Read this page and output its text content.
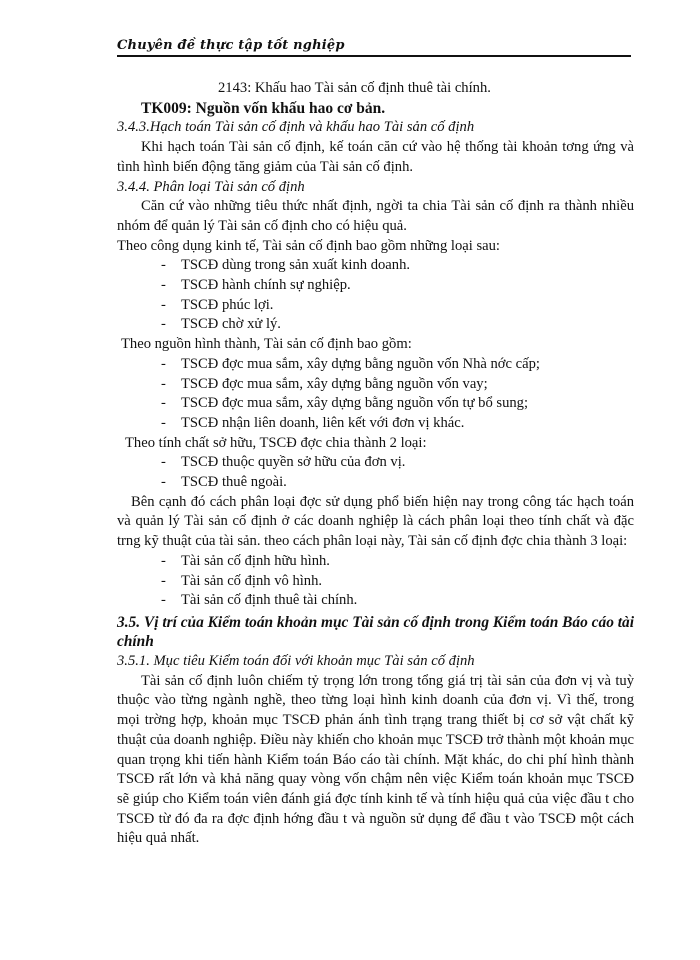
Chuyên đề thực tập tốt nghiệp

2143: Khấu hao Tài sản cố định thuê tài chính.

TK009: Nguồn vốn khấu hao cơ bản.

3.4.3.Hạch toán Tài sản cố định và khấu hao Tài sản cố định

Khi hạch toán Tài sản cố định, kế toán căn cứ vào hệ thống tài khoản tơng ứng và tình hình biến động tăng giảm của Tài sản cố định.

3.4.4. Phân loại Tài sản cố định

Căn cứ vào những tiêu thức nhất định, ngời ta chia Tài sản cố định ra thành nhiều nhóm để quản lý Tài sản cố định cho có hiệu quả.

Theo công dụng kinh tế, Tài sản cố định bao gồm những loại sau:

- TSCĐ dùng trong sản xuất kinh doanh.
- TSCĐ hành chính sự nghiệp.
- TSCĐ phúc lợi.
- TSCĐ chờ xử lý.

Theo nguồn hình thành, Tài sản cố định bao gồm:

- TSCĐ đợc mua sắm, xây dựng bằng nguồn vốn Nhà nớc cấp;
- TSCĐ đợc mua sắm, xây dựng bằng nguồn vốn vay;
- TSCĐ đợc mua sắm, xây dựng bằng nguồn vốn tự bổ sung;
- TSCĐ nhận liên doanh, liên kết với đơn vị khác.

Theo tính chất sở hữu, TSCĐ đợc chia thành 2 loại:

- TSCĐ thuộc quyền sở hữu của đơn vị.
- TSCĐ thuê ngoài.

Bên cạnh đó cách phân loại đợc sử dụng phổ biến hiện nay trong công tác hạch toán và quản lý Tài sản cố định ở các doanh nghiệp là cách phân loại theo tính chất và đặc trng kỹ thuật của tài sản. theo cách phân loại này, Tài sản cố định đợc chia thành 3 loại:

- Tài sản cố định hữu hình.
- Tài sản cố định vô hình.
- Tài sản cố định thuê tài chính.

3.5. Vị trí của Kiểm toán khoản mục Tài sản cố định trong Kiểm toán Báo cáo tài chính

3.5.1. Mục tiêu Kiểm toán đối với khoản mục Tài sản cố định

Tài sản cố định luôn chiếm tỷ trọng lớn trong tổng giá trị tài sản của đơn vị và tuỳ thuộc vào từng ngành nghề, theo từng loại hình kinh doanh của đơn vị. Vì thế, trong mọi trờng hợp, khoản mục TSCĐ phản ánh tình trạng trang thiết bị cơ sở vật chất kỹ thuật của doanh nghiệp. Điều này khiến cho khoản mục TSCĐ trở thành một khoản mục quan trọng khi tiến hành Kiểm toán Báo cáo tài chính. Mặt khác, do chi phí hình thành TSCĐ rất lớn và khả năng quay vòng vốn chậm nên việc Kiểm toán khoản mục TSCĐ sẽ giúp cho Kiểm toán viên đánh giá đợc tính kinh tế và tính hiệu quả của việc đầu t cho TSCĐ từ đó đa ra đợc định hớng đầu t và nguồn sử dụng để đầu t vào TSCĐ một cách hiệu quả nhất.
